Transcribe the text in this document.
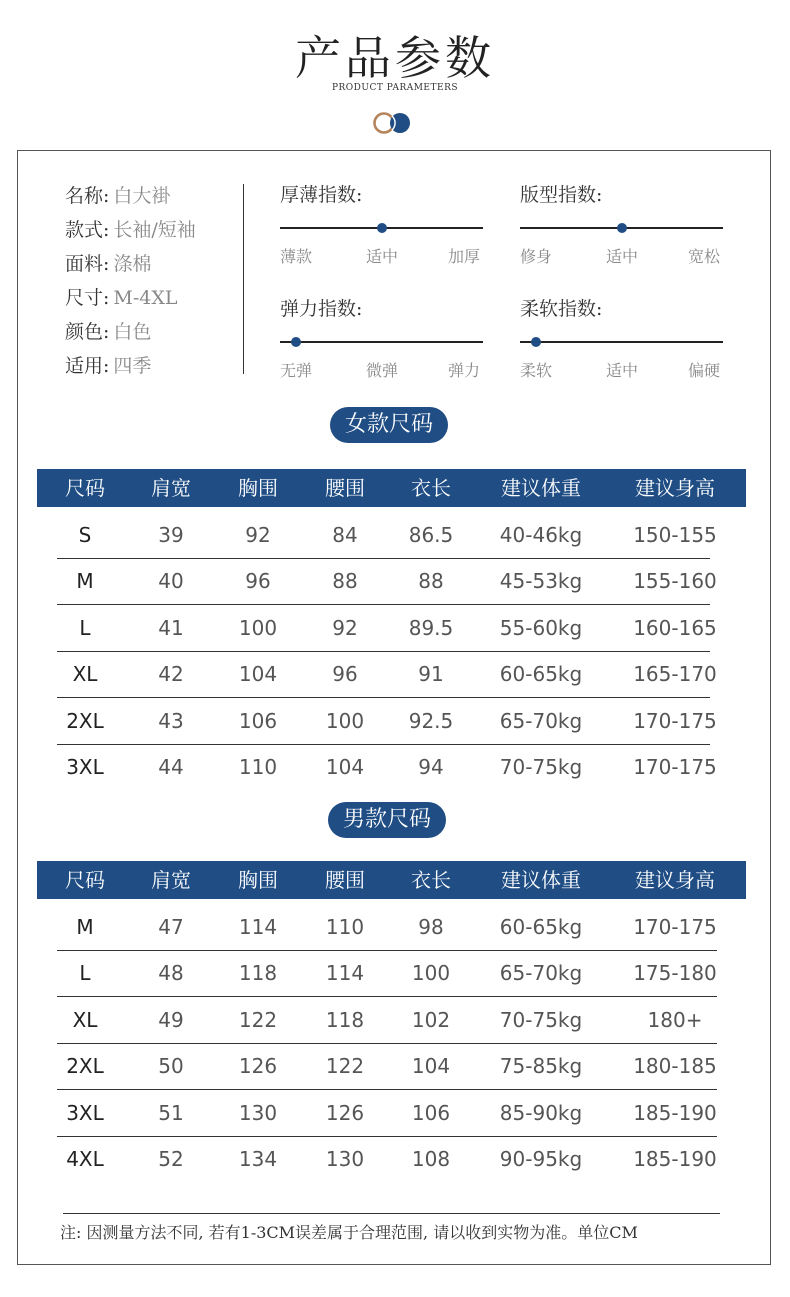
产品参数
PRODUCT PARAMETERS
名称: 白大褂
款式: 长袖/短袖
面料: 涤棉
尺寸: M-4XL
颜色: 白色
适用: 四季
厚薄指数:
薄款	适中	加厚
版型指数:
修身	适中	宽松
弹力指数:
无弹	微弹	弹力
柔软指数:
柔软	适中	偏硬
女款尺码
尺码	肩宽	胸围	腰围	衣长	建议体重	建议身高
S	39	92	84	86.5	40-46kg	150-155
M	40	96	88	88	45-53kg	155-160
L	41	100	92	89.5	55-60kg	160-165
XL	42	104	96	91	60-65kg	165-170
2XL	43	106	100	92.5	65-70kg	170-175
3XL	44	110	104	94	70-75kg	170-175
男款尺码
尺码	肩宽	胸围	腰围	衣长	建议体重	建议身高
M	47	114	110	98	60-65kg	170-175
L	48	118	114	100	65-70kg	175-180
XL	49	122	118	102	70-75kg	180+
2XL	50	126	122	104	75-85kg	180-185
3XL	51	130	126	106	85-90kg	185-190
4XL	52	134	130	108	90-95kg	185-190
注: 因测量方法不同, 若有1-3CM误差属于合理范围, 请以收到实物为准。单位CM
